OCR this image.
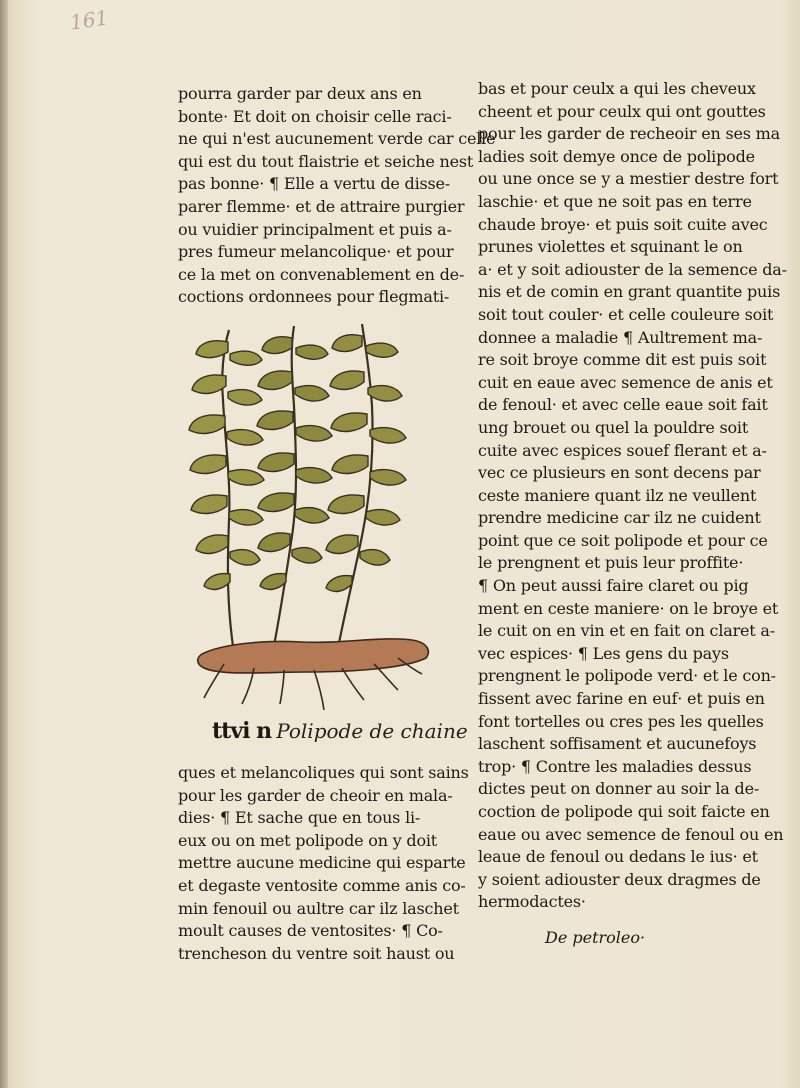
161
pourra garder par deux ans en
bonte· Et doit on choisir celle raci-
ne qui n'est aucunement verde car celle
qui est du tout flaistrie et seiche nest
pas bonne· ¶ Elle a vertu de disse-
parer flemme· et de attraire purgier
ou vuidier principalment et puis a-
pres fumeur melancolique· et pour
ce la met on convenablement en de-
coctions ordonnees pour flegmati-
ttvi n Polipode de chaine
ques et melancoliques qui sont sains
pour les garder de cheoir en mala-
dies· ¶ Et sache que en tous li-
eux ou on met polipode on y doit
mettre aucune medicine qui esparte
et degaste ventosite comme anis co-
min fenouil ou aultre car ilz laschet
moult causes de ventosites· ¶ Co-
trencheson du ventre soit haust ou
bas et pour ceulx a qui les cheveux
cheent et pour ceulx qui ont gouttes
pour les garder de recheoir en ses ma
ladies soit demye once de polipode
ou une once se y a mestier destre fort
laschie· et que ne soit pas en terre
chaude broye· et puis soit cuite avec
prunes violettes et squinant le on
a· et y soit adiouster de la semence da-
nis et de comin en grant quantite puis
soit tout couler· et celle couleure soit
donnee a maladie ¶ Aultrement ma-
re soit broye comme dit est puis soit
cuit en eaue avec semence de anis et
de fenoul· et avec celle eaue soit fait
ung brouet ou quel la pouldre soit
cuite avec espices souef flerant et a-
vec ce plusieurs en sont decens par
ceste maniere quant ilz ne veullent
prendre medicine car ilz ne cuident
point que ce soit polipode et pour ce
le prengnent et puis leur proffite·
¶ On peut aussi faire claret ou pig
ment en ceste maniere· on le broye et
le cuit on en vin et en fait on claret a-
vec espices· ¶ Les gens du pays
prengnent le polipode verd· et le con-
fissent avec farine en euf· et puis en
font tortelles ou cres pes les quelles
laschent soffisament et aucunefoys
trop· ¶ Contre les maladies dessus
dictes peut on donner au soir la de-
coction de polipode qui soit faicte en
eaue ou avec semence de fenoul ou en
leaue de fenoul ou dedans le ius· et
y soient adiouster deux dragmes de
hermodactes·
De petroleo·
